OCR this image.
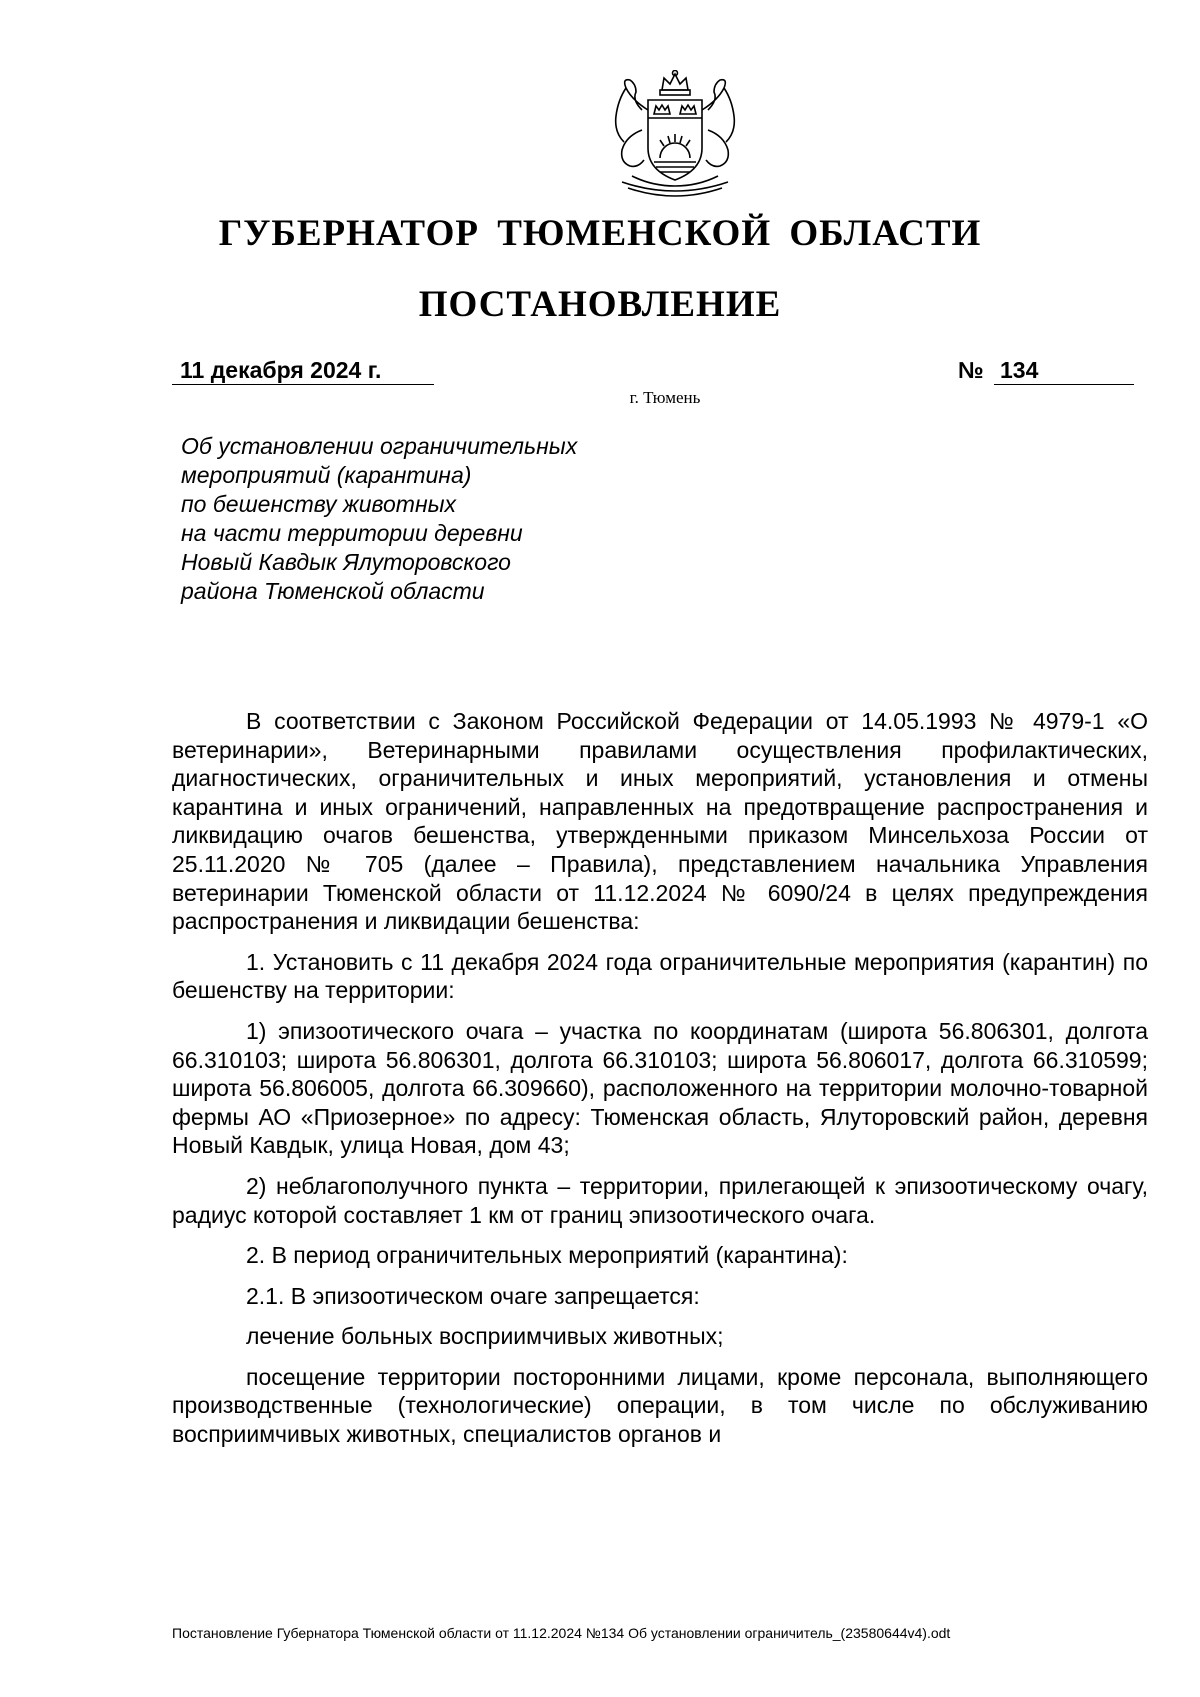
ГУБЕРНАТОР ТЮМЕНСКОЙ ОБЛАСТИ
ПОСТАНОВЛЕНИЕ
11 декабря 2024 г.	№ 134
г. Тюмень
Об установлении ограничительных
мероприятий (карантина)
по бешенству животных
на части территории деревни
Новый Кавдык Ялуторовского
района Тюменской области

В соответствии с Законом Российской Федерации от 14.05.1993 № 4979-1 «О ветеринарии», Ветеринарными правилами осуществления профилактических, диагностических, ограничительных и иных мероприятий, установления и отмены карантина и иных ограничений, направленных на предотвращение распространения и ликвидацию очагов бешенства, утвержденными приказом Минсельхоза России от 25.11.2020 № 705 (далее – Правила), представлением начальника Управления ветеринарии Тюменской области от 11.12.2024 № 6090/24 в целях предупреждения распространения и ликвидации бешенства:

1. Установить с 11 декабря 2024 года ограничительные мероприятия (карантин) по бешенству на территории:

1) эпизоотического очага – участка по координатам (широта 56.806301, долгота 66.310103; широта 56.806301, долгота 66.310103; широта 56.806017, долгота 66.310599; широта 56.806005, долгота 66.309660), расположенного на территории молочно-товарной фермы АО «Приозерное» по адресу: Тюменская область, Ялуторовский район, деревня Новый Кавдык, улица Новая, дом 43;

2) неблагополучного пункта – территории, прилегающей к эпизоотическому очагу, радиус которой составляет 1 км от границ эпизоотического очага.

2. В период ограничительных мероприятий (карантина):

2.1. В эпизоотическом очаге запрещается:

лечение больных восприимчивых животных;

посещение территории посторонними лицами, кроме персонала, выполняющего производственные (технологические) операции, в том числе по обслуживанию восприимчивых животных, специалистов органов и

Постановление Губернатора Тюменской области от 11.12.2024 №134 Об установлении ограничитель_(23580644v4).odt
